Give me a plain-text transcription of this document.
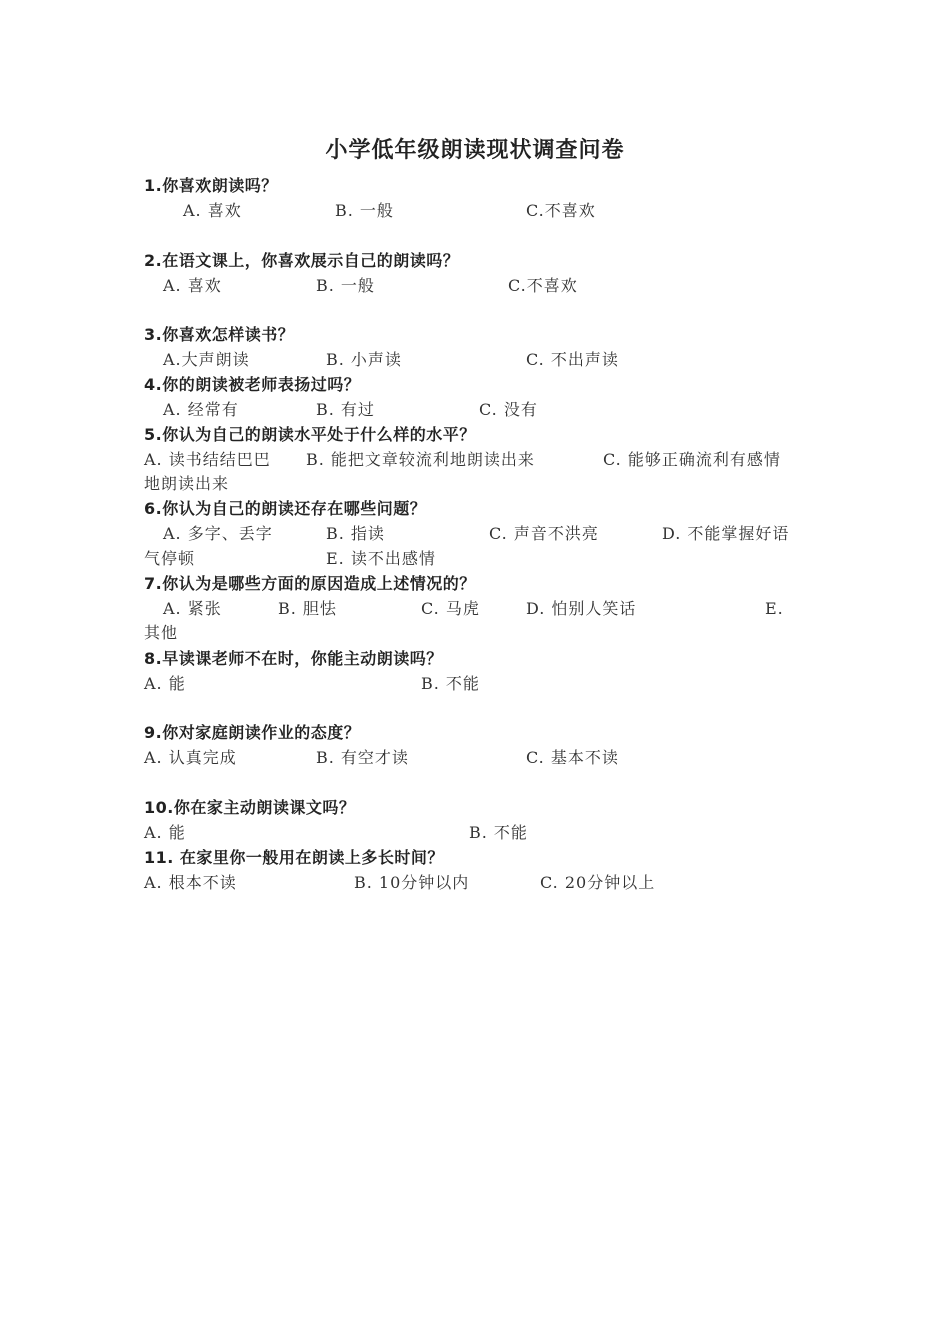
小学低年级朗读现状调查问卷
1.你喜欢朗读吗？
A. 喜欢	B. 一般	C.不喜欢
2.在语文课上，你喜欢展示自己的朗读吗？
A. 喜欢	B. 一般	C.不喜欢
3.你喜欢怎样读书？
A.大声朗读	B. 小声读	C. 不出声读
4.你的朗读被老师表扬过吗？
A. 经常有	B. 有过	C. 没有
5.你认为自己的朗读水平处于什么样的水平？
A. 读书结结巴巴 B. 能把文章较流利地朗读出来	C. 能够正确流利有感情
地朗读出来
6.你认为自己的朗读还存在哪些问题？
A. 多字、丢字	B. 指读	C. 声音不洪亮	D. 不能掌握好语
气停顿	E. 读不出感情
7.你认为是哪些方面的原因造成上述情况的？
A. 紧张	B. 胆怯	C. 马虎	D. 怕别人笑话	E.
其他
8.早读课老师不在时，你能主动朗读吗？
A. 能	B. 不能
9.你对家庭朗读作业的态度？
A. 认真完成	B. 有空才读	C. 基本不读
10.你在家主动朗读课文吗？
A. 能	B. 不能
11. 在家里你一般用在朗读上多长时间？
A. 根本不读	B. 10分钟以内	C. 20分钟以上
